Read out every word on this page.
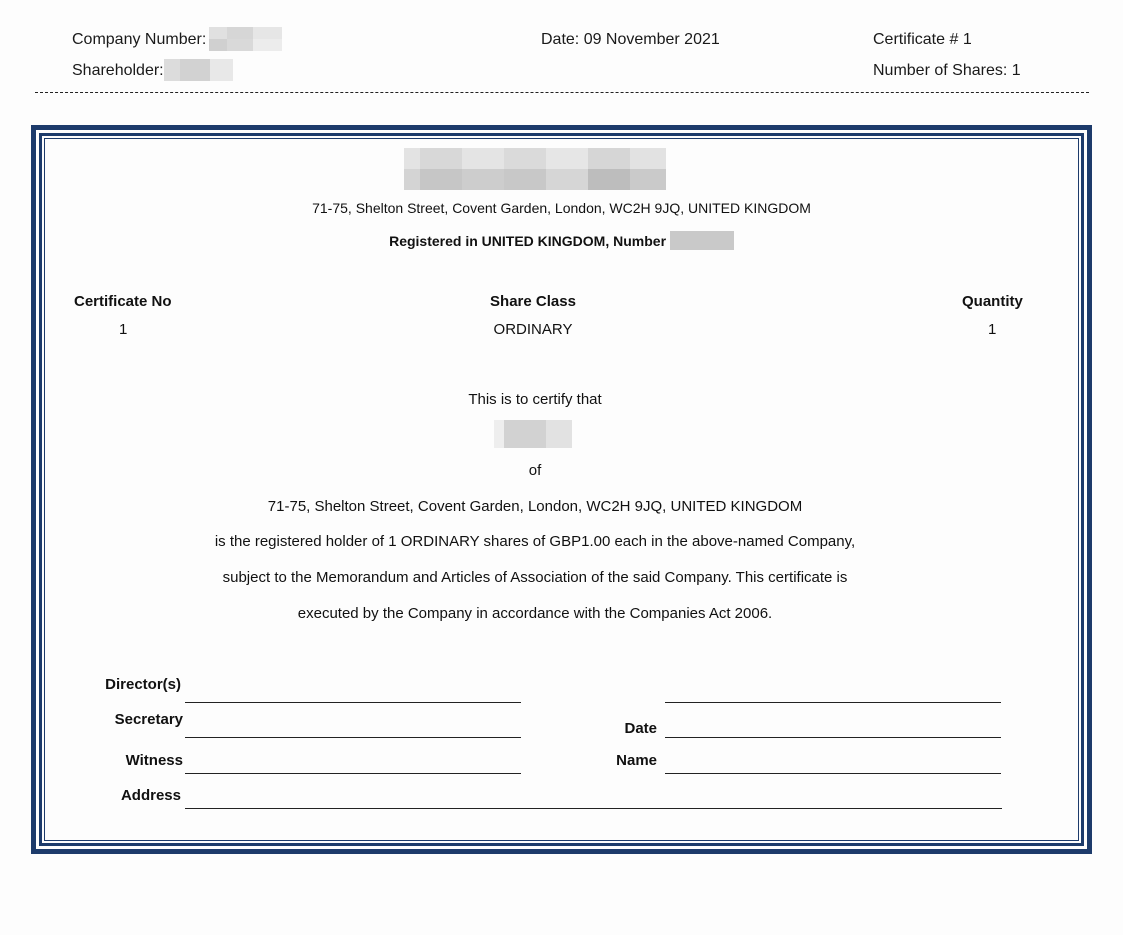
Company Number:
Shareholder:
Date: 09 November 2021	Certificate # 1
Number of Shares: 1
71-75, Shelton Street, Covent Garden, London, WC2H 9JQ, UNITED KINGDOM
Registered in UNITED KINGDOM, Number
Certificate No
1
Share Class
ORDINARY
Quantity
1
This is to certify that
of
71-75, Shelton Street, Covent Garden, London, WC2H 9JQ, UNITED KINGDOM
is the registered holder of 1 ORDINARY shares of GBP1.00 each in the above-named Company,
subject to the Memorandum and Articles of Association of the said Company. This certificate is
executed by the Company in accordance with the Companies Act 2006.
Director(s)
Secretary
Date
Witness	Name
Address
